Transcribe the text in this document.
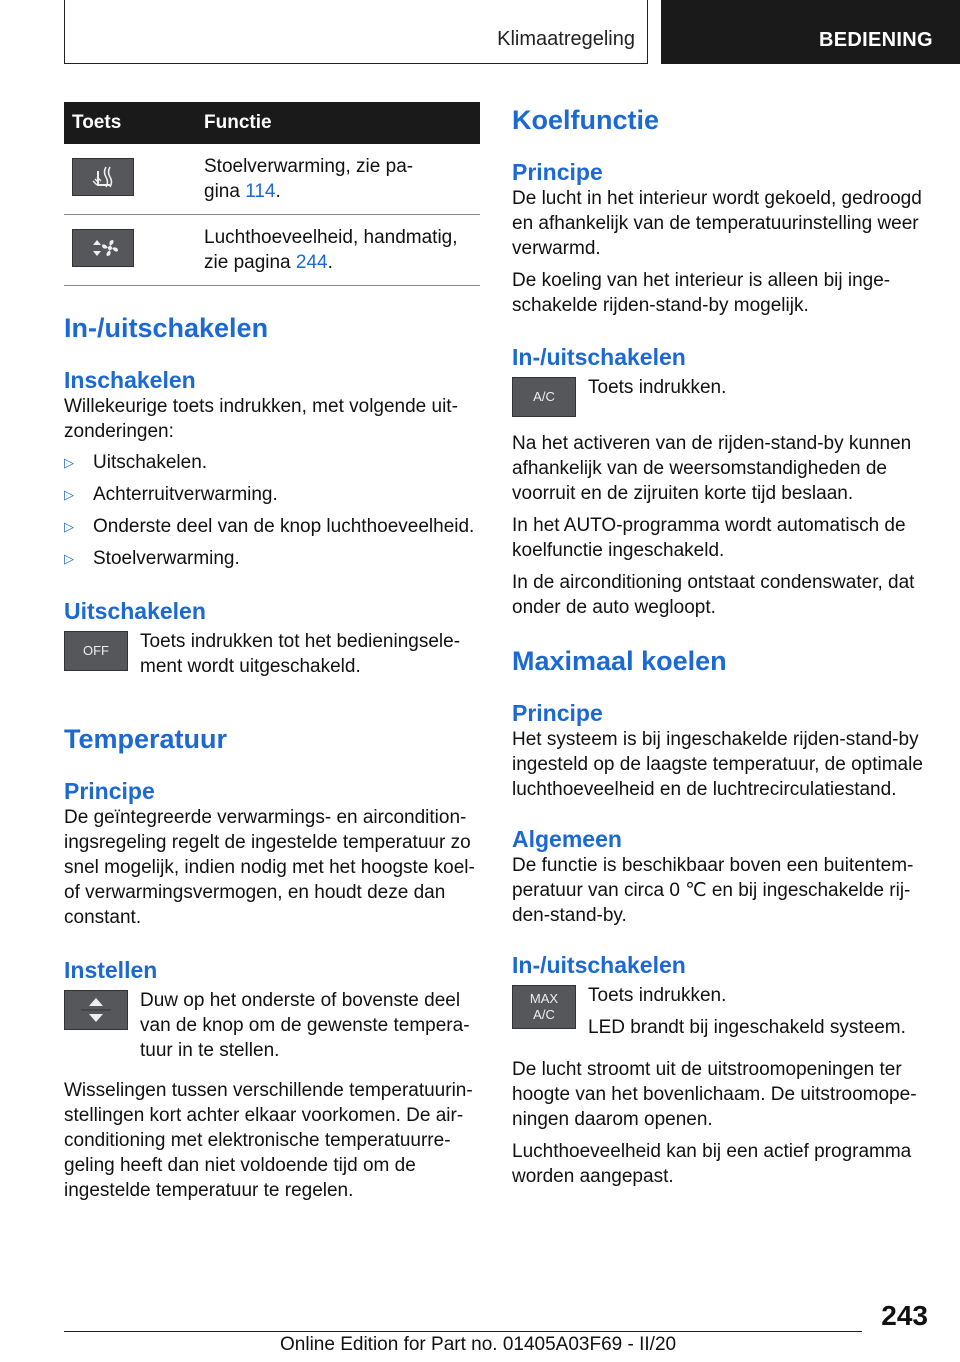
Klimaatregeling	BEDIENING
Toets	Functie
	Stoelverwarming, zie pa-
gina 114.
	Luchthoeveelheid, handmatig,
zie pagina 244.
In-/uitschakelen
Inschakelen

Willekeurige toets indrukken, met volgende uit-
zonderingen:

▷ Uitschakelen.
▷ Achterruitverwarming.
▷ Onderste deel van de knop luchthoeveelheid.
▷ Stoelverwarming.
Uitschakelen
OFF	Toets indrukken tot het bedieningsele-
ment wordt uitgeschakeld.

Temperatuur
Principe

De geïntegreerde verwarmings- en aircondition-
ingsregeling regelt de ingestelde temperatuur zo
snel mogelijk, indien nodig met het hoogste koel-
of verwarmingsvermogen, en houdt deze dan
constant.

Instellen

Duw op het onderste of bovenste deel
van de knop om de gewenste tempera-
tuur in te stellen.

Wisselingen tussen verschillende temperatuurin-
stellingen kort achter elkaar voorkomen. De air-
conditioning met elektronische temperatuurre-
geling heeft dan niet voldoende tijd om de
ingestelde temperatuur te regelen.

Koelfunctie
Principe

De lucht in het interieur wordt gekoeld, gedroogd
en afhankelijk van de temperatuurinstelling weer
verwarmd.

De koeling van het interieur is alleen bij inge-
schakelde rijden-stand-by mogelijk.

In-/uitschakelen
A/C	Toets indrukken.

Na het activeren van de rijden-stand-by kunnen
afhankelijk van de weersomstandigheden de
voorruit en de zijruiten korte tijd beslaan.

In het AUTO-programma wordt automatisch de
koelfunctie ingeschakeld.

In de airconditioning ontstaat condenswater, dat
onder de auto wegloopt.

Maximaal koelen
Principe

Het systeem is bij ingeschakelde rijden-stand-by
ingesteld op de laagste temperatuur, de optimale
luchthoeveelheid en de luchtrecirculatiestand.

Algemeen

De functie is beschikbaar boven een buitentem-
peratuur van circa 0 ℃ en bij ingeschakelde rij-
den-stand-by.

In-/uitschakelen
MAX
A/C

Toets indrukken.

LED brandt bij ingeschakeld systeem.

De lucht stroomt uit de uitstroomopeningen ter
hoogte van het bovenlichaam. De uitstroomope-
ningen daarom openen.

Luchthoeveelheid kan bij een actief programma
worden aangepast.

243
Online Edition for Part no. 01405A03F69 - II/20
